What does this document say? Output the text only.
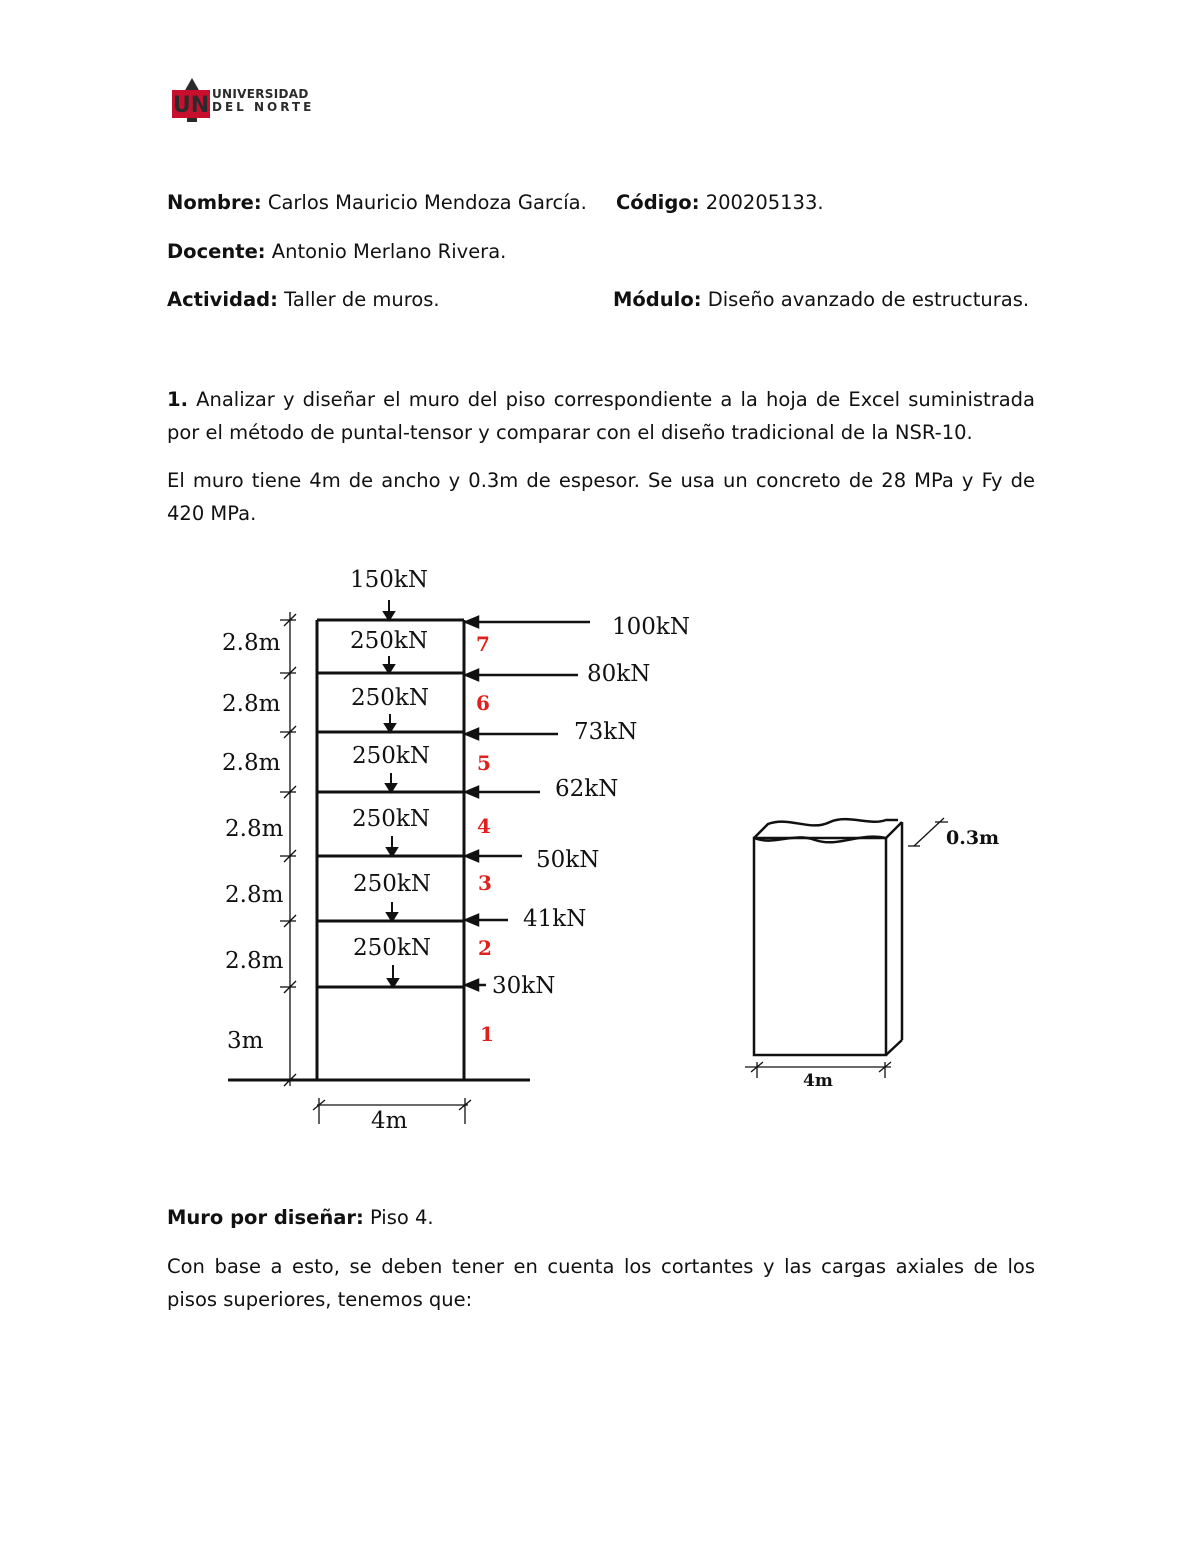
UN UNIVERSIDAD
DEL NORTE
Nombre: Carlos Mauricio Mendoza García. Código: 200205133.
Docente: Antonio Merlano Rivera.
Actividad: Taller de muros.	Módulo: Diseño avanzado de estructuras.
1. Analizar y diseñar el muro del piso correspondiente a la hoja de Excel suministrada por el método de puntal-tensor y comparar con el diseño tradicional de la NSR-10.
El muro tiene 4m de ancho y 0.3m de espesor. Se usa un concreto de 28 MPa y Fy de 420 MPa.
2.8m
2.8m
2.8m
2.8m
2.8m
2.8m
3m
150kN
250kN
250kN
250kN
250kN
250kN
250kN
100kN
80kN
73kN
62kN
50kN
41kN
30kN
7
6
5
4
3
2
1
4m
0.3m
4m
Muro por diseñar: Piso 4.
Con base a esto, se deben tener en cuenta los cortantes y las cargas axiales de los pisos superiores, tenemos que:
